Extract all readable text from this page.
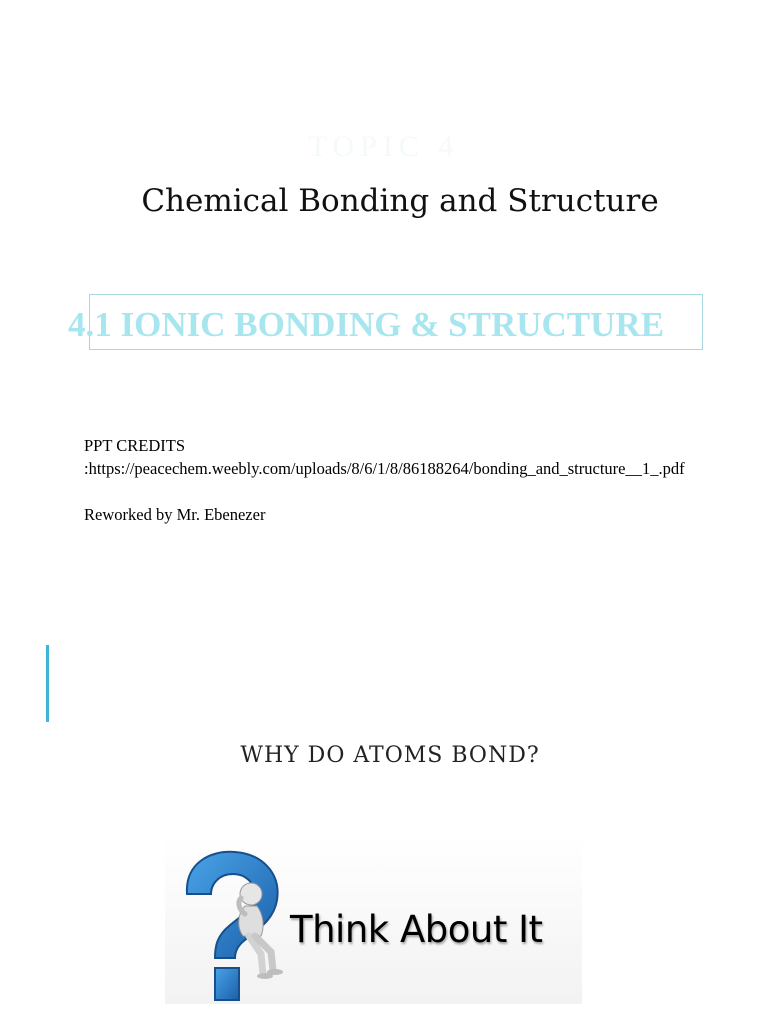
TOPIC 4
Chemical Bonding and Structure
4.1 IONIC BONDING & STRUCTURE

PPT CREDITS

:https://peacechem.weebly.com/uploads/8/6/1/8/86188264/bonding_and_structure__1_.pdf

Reworked by Mr. Ebenezer

WHY DO ATOMS BOND?
Think About It
